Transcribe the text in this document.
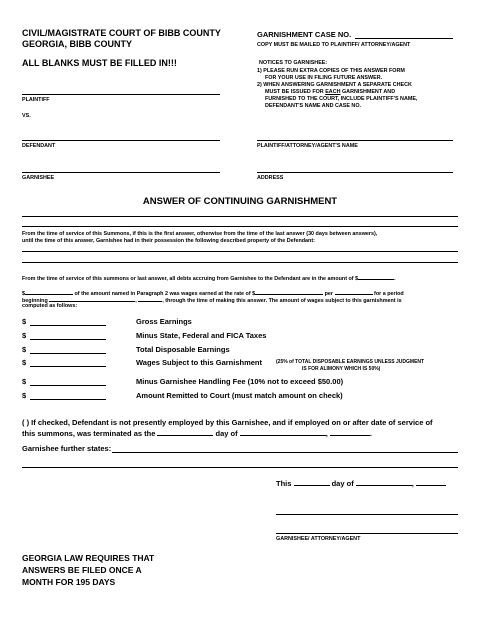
CIVIL/MAGISTRATE COURT OF BIBB COUNTY
GEORGIA, BIBB COUNTY
ALL BLANKS MUST BE FILLED IN!!!
GARNISHMENT CASE NO.
COPY MUST BE MAILED TO PLAINTIFF/ ATTORNEY/AGENT
NOTICES TO GARNISHEE:
1) PLEASE RUN EXTRA COPIES OF THIS ANSWER FORM
FOR YOUR USE IN FILING FUTURE ANSWER.
2) WHEN ANSWERING GARNISHMENT A SEPARATE CHECK
MUST BE ISSUED FOR EACH GARNISHMENT AND
FURNISHED TO THE COURT, INCLUDE PLAINTIFF'S NAME,
DEFENDANT'S NAME AND CASE NO.
PLAINTIFF
VS.
DEFENDANT
GARNISHEE
PLAINTIFF/ATTORNEY/AGENT'S NAME
ADDRESS
ANSWER OF CONTINUING GARNISHMENT
From the time of service of this Summons, if this is the first answer, otherwise from the time of the last answer (30 days between answers),
until the time of this answer, Garnishee had in their possession the following described property of the Defendant:
From the time of service of this summons or last answer, all debts accruing from Garnishee to the Defendant are in the amount of $	.
$	of the amount named in Paragraph 2 was wages earned at the rate of $	per	for a period
beginning	,	, through the time of making this answer. The amount of wages subject to this garnishment is
computed as follows:
$	Gross Earnings
$	Minus State, Federal and FICA Taxes
$	Total Disposable Earnings
$	Wages Subject to this Garnishment	(25% of TOTAL DISPOSABLE EARNINGS UNLESS JUDGMENT
IS FOR ALIMONY WHICH IS 50%)
$	Minus Garnishee Handling Fee (10% not to exceed $50.00)
$	Amount Remitted to Court (must match amount on check)
( ) If checked, Defendant is not presently employed by this Garnishee, and if employed on or after date of service of
this summons, was terminated as the	day of	,	.
Garnishee further states:
This	day of	,
GARNISHEE/ ATTORNEY/AGENT
GEORGIA LAW REQUIRES THAT
ANSWERS BE FILED ONCE A
MONTH FOR 195 DAYS
